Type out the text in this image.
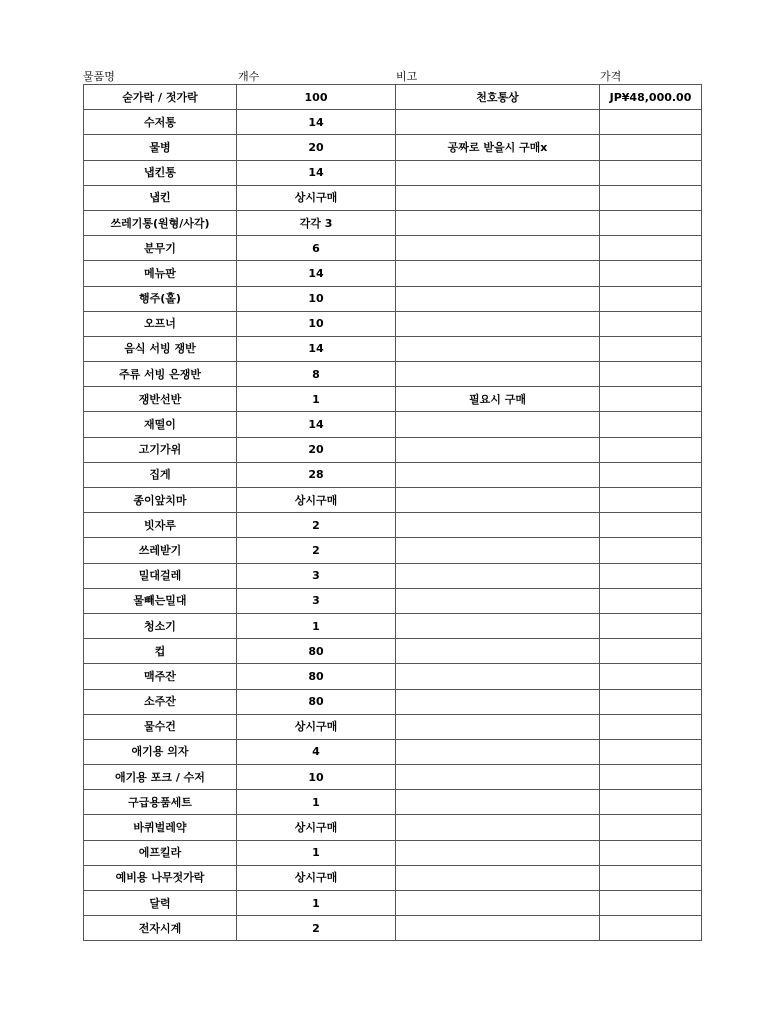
물품명	개수	비고	가격
숟가락 / 젓가락	100	천호통상	JP¥48,000.00
수저통	14		
물병	20	공짜로 받을시 구매x	
냅킨통	14		
냅킨	상시구매		
쓰레기통(원형/사각)	각각 3		
분무기	6		
메뉴판	14		
행주(홀)	10		
오프너	10		
음식 서빙 쟁반	14		
주류 서빙 은쟁반	8		
쟁반선반	1	필요시 구매	
재떨이	14		
고기가위	20		
집게	28		
종이앞치마	상시구매		
빗자루	2		
쓰레받기	2		
밀대걸레	3		
물빼는밀대	3		
청소기	1		
컵	80		
맥주잔	80		
소주잔	80		
물수건	상시구매		
애기용 의자	4		
애기용 포크 / 수저	10		
구급용품세트	1		
바퀴벌레약	상시구매		
에프킬라	1		
예비용 나무젓가락	상시구매		
달력	1		
전자시계	2		
